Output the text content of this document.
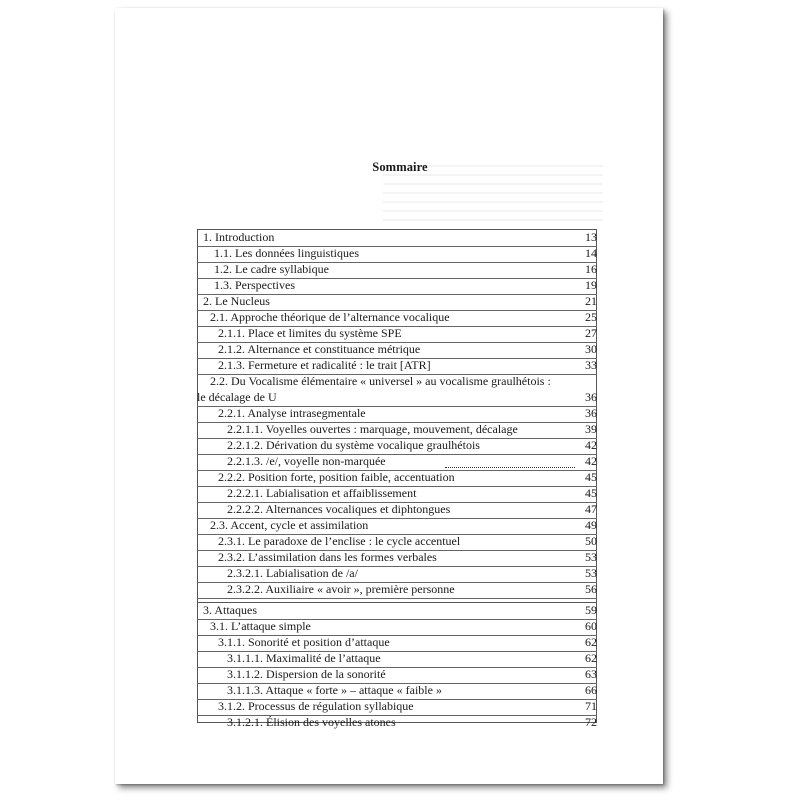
Sommaire
1. Introduction	13
1.1. Les données linguistiques	14
1.2. Le cadre syllabique	16
1.3. Perspectives	19
2. Le Nucleus	21
2.1. Approche théorique de l’alternance vocalique	25
2.1.1. Place et limites du système SPE	27
2.1.2. Alternance et constituance métrique	30
2.1.3. Fermeture et radicalité : le trait [ATR]	33
2.2. Du Vocalisme élémentaire « universel » au vocalisme graulhétois :
le décalage de U	36
2.2.1. Analyse intrasegmentale	36
2.2.1.1. Voyelles ouvertes : marquage, mouvement, décalage	39
2.2.1.2. Dérivation du système vocalique graulhétois	42
2.2.1.3. /e/, voyelle non-marquée	42
2.2.2. Position forte, position faible, accentuation	45
2.2.2.1. Labialisation et affaiblissement	45
2.2.2.2. Alternances vocaliques et diphtongues	47
2.3. Accent, cycle et assimilation	49
2.3.1. Le paradoxe de l’enclise : le cycle accentuel	50
2.3.2. L’assimilation dans les formes verbales	53
2.3.2.1. Labialisation de /a/	53
2.3.2.2. Auxiliaire « avoir », première personne	56
3. Attaques	59
3.1. L’attaque simple	60
3.1.1. Sonorité et position d’attaque	62
3.1.1.1. Maximalité de l’attaque	62
3.1.1.2. Dispersion de la sonorité	63
3.1.1.3. Attaque « forte » – attaque « faible »	66
3.1.2. Processus de régulation syllabique	71
3.1.2.1. Élision des voyelles atones	72
